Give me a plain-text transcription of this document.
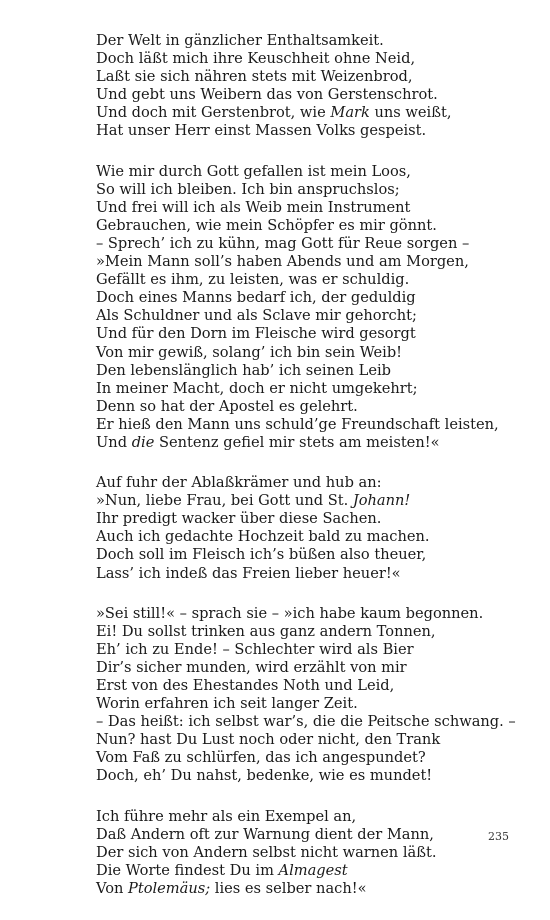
Der Welt in gänzlicher Enthaltsamkeit.
Doch läßt mich ihre Keuschheit ohne Neid,
Laßt sie sich nähren stets mit Weizenbrod,
Und gebt uns Weibern das von Gerstenschrot.
Und doch mit Gerstenbrot, wie Mark uns weißt,
Hat unser Herr einst Massen Volks gespeist.
Wie mir durch Gott gefallen ist mein Loos,
So will ich bleiben. Ich bin anspruchslos;
Und frei will ich als Weib mein Instrument
Gebrauchen, wie mein Schöpfer es mir gönnt.
– Sprech’ ich zu kühn, mag Gott für Reue sorgen –
»Mein Mann soll’s haben Abends und am Morgen,
Gefällt es ihm, zu leisten, was er schuldig.
Doch eines Manns bedarf ich, der geduldig
Als Schuldner und als Sclave mir gehorcht;
Und für den Dorn im Fleische wird gesorgt
Von mir gewiß, solang’ ich bin sein Weib!
Den lebenslänglich hab’ ich seinen Leib
In meiner Macht, doch er nicht umgekehrt;
Denn so hat der Apostel es gelehrt.
Er hieß den Mann uns schuld’ge Freundschaft leisten,
Und die Sentenz gefiel mir stets am meisten!«
Auf fuhr der Ablaßkrämer und hub an:
»Nun, liebe Frau, bei Gott und St. Johann!
Ihr predigt wacker über diese Sachen.
Auch ich gedachte Hochzeit bald zu machen.
Doch soll im Fleisch ich’s büßen also theuer,
Lass’ ich indeß das Freien lieber heuer!«
»Sei still!« – sprach sie – »ich habe kaum begonnen.
Ei! Du sollst trinken aus ganz andern Tonnen,
Eh’ ich zu Ende! – Schlechter wird als Bier
Dir’s sicher munden, wird erzählt von mir
Erst von des Ehestandes Noth und Leid,
Worin erfahren ich seit langer Zeit.
– Das heißt: ich selbst war’s, die die Peitsche schwang. –
Nun? hast Du Lust noch oder nicht, den Trank
Vom Faß zu schlürfen, das ich angespundet?
Doch, eh’ Du nahst, bedenke, wie es mundet!
Ich führe mehr als ein Exempel an,
Daß Andern oft zur Warnung dient der Mann,
Der sich von Andern selbst nicht warnen läßt.
Die Worte findest Du im Almagest
Von Ptolemäus; lies es selber nach!«
235
